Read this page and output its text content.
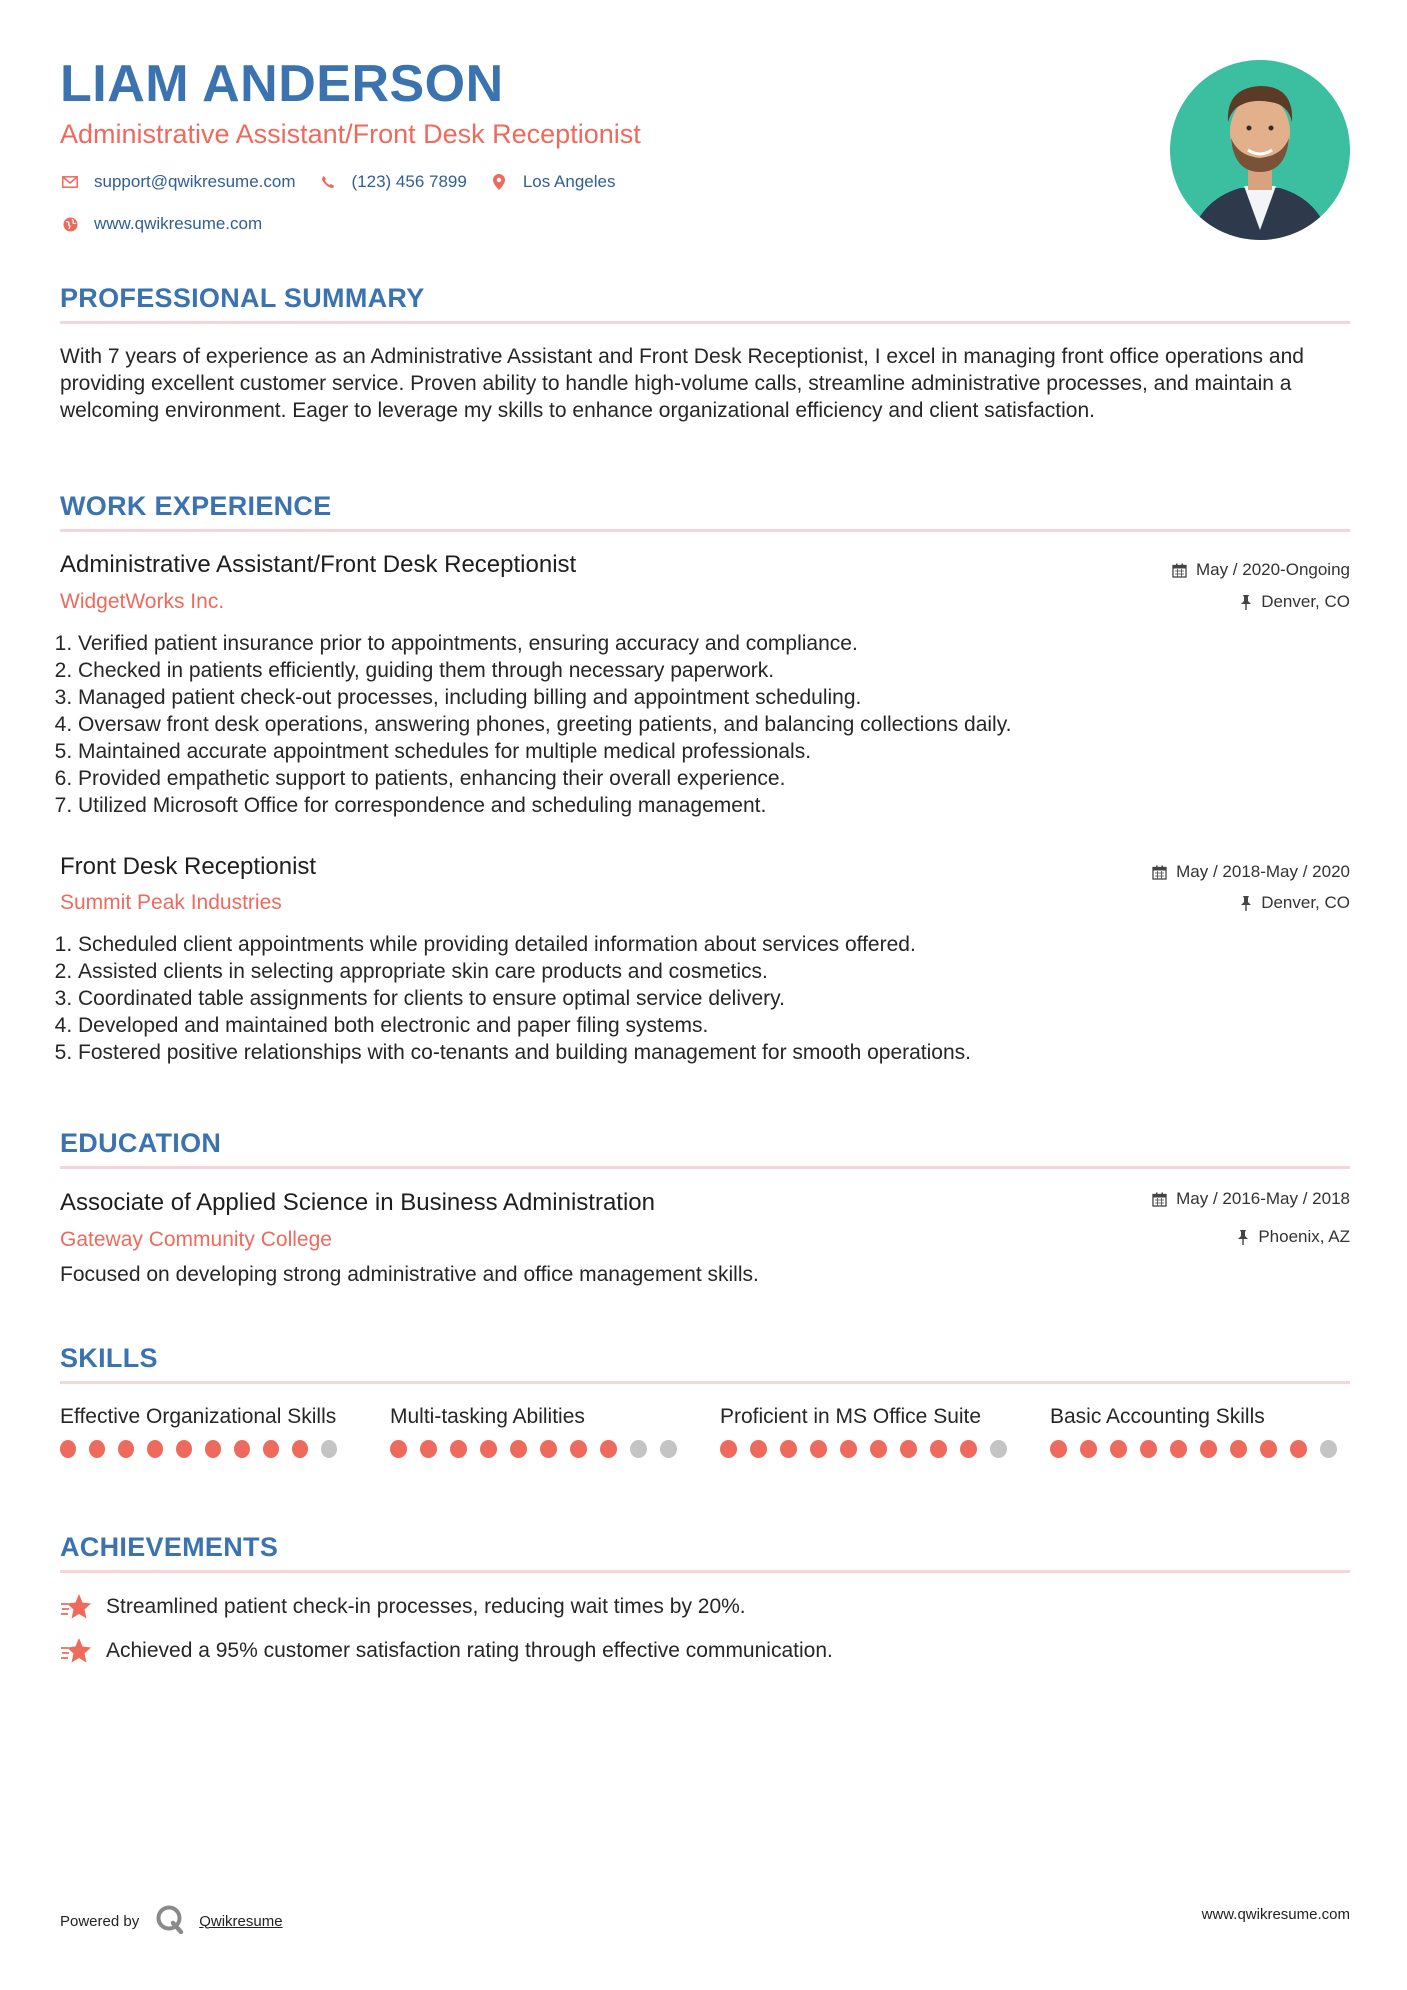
LIAM ANDERSON
Administrative Assistant/Front Desk Receptionist
support@qwikresume.com	(123) 456 7899	Los Angeles
www.qwikresume.com
PROFESSIONAL SUMMARY
With 7 years of experience as an Administrative Assistant and Front Desk Receptionist, I excel in managing front office operations and providing excellent customer service. Proven ability to handle high-volume calls, streamline administrative processes, and maintain a welcoming environment. Eager to leverage my skills to enhance organizational efficiency and client satisfaction.
WORK EXPERIENCE
Administrative Assistant/Front Desk Receptionist
WidgetWorks Inc.
May / 2020-Ongoing
Denver, CO
1. Verified patient insurance prior to appointments, ensuring accuracy and compliance.
2. Checked in patients efficiently, guiding them through necessary paperwork.
3. Managed patient check-out processes, including billing and appointment scheduling.
4. Oversaw front desk operations, answering phones, greeting patients, and balancing collections daily.
5. Maintained accurate appointment schedules for multiple medical professionals.
6. Provided empathetic support to patients, enhancing their overall experience.
7. Utilized Microsoft Office for correspondence and scheduling management.
Front Desk Receptionist
Summit Peak Industries
May / 2018-May / 2020
Denver, CO
1. Scheduled client appointments while providing detailed information about services offered.
2. Assisted clients in selecting appropriate skin care products and cosmetics.
3. Coordinated table assignments for clients to ensure optimal service delivery.
4. Developed and maintained both electronic and paper filing systems.
5. Fostered positive relationships with co-tenants and building management for smooth operations.
EDUCATION
Associate of Applied Science in Business Administration
Gateway Community College
May / 2016-May / 2018
Phoenix, AZ
Focused on developing strong administrative and office management skills.
SKILLS
Effective Organizational Skills	Multi-tasking Abilities	Proficient in MS Office Suite	Basic Accounting Skills
ACHIEVEMENTS
Streamlined patient check-in processes, reducing wait times by 20%.
Achieved a 95% customer satisfaction rating through effective communication.
Powered by	Qwikresume	www.qwikresume.com
